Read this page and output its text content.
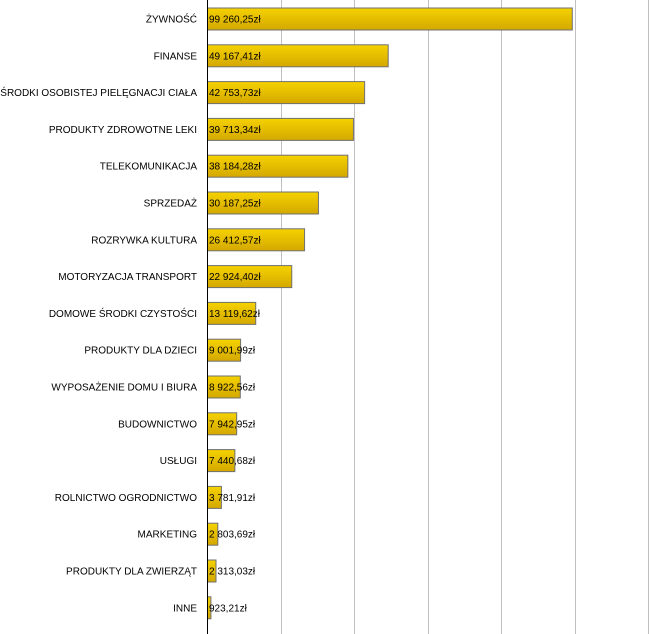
ŻYWNOŚĆ
FINANSE
ŚRODKI OSOBISTEJ PIELĘGNACJI CIAŁA
PRODUKTY ZDROWOTNE LEKI
TELEKOMUNIKACJA
SPRZEDAŻ
ROZRYWKA KULTURA
MOTORYZACJA TRANSPORT
DOMOWE ŚRODKI CZYSTOŚCI
PRODUKTY DLA DZIECI
WYPOSAŻENIE DOMU I BIURA
BUDOWNICTWO
USŁUGI
ROLNICTWO OGRODNICTWO
MARKETING
PRODUKTY DLA ZWIERZĄT
INNE
99 260,25zł
49 167,41zł
42 753,73zł
39 713,34zł
38 184,28zł
30 187,25zł
26 412,57zł
22 924,40zł
13 119,62zł
9 001,99zł
8 922,56zł
7 942,95zł
7 440,68zł
3 781,91zł
2 803,69zł
2 313,03zł
923,21zł
